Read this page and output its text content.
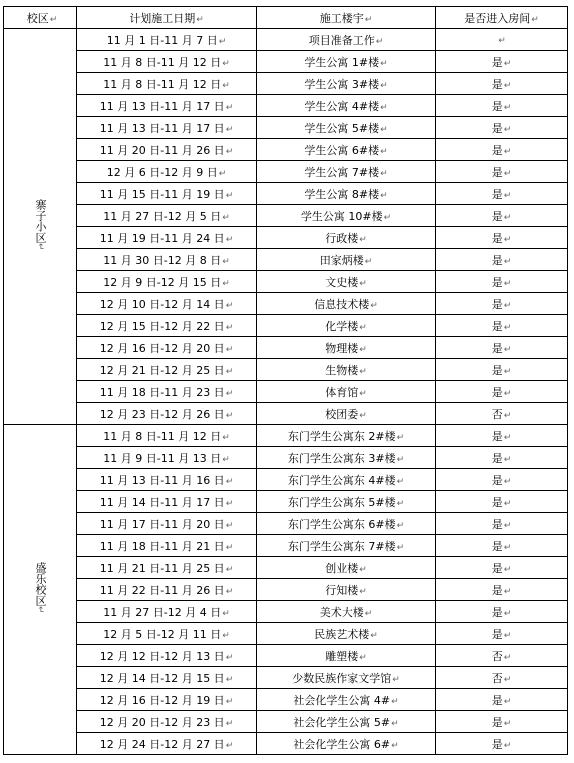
校区↵	计划施工日期↵	施工楼宇↵	是否进入房间↵
寨子小区↵	11 月 1 日-11 月 7 日↵	项目准备工作↵	↵
	11 月 8 日-11 月 12 日↵	学生公寓 1#楼↵	是↵
	11 月 8 日-11 月 12 日↵	学生公寓 3#楼↵	是↵
	11 月 13 日-11 月 17 日↵	学生公寓 4#楼↵	是↵
	11 月 13 日-11 月 17 日↵	学生公寓 5#楼↵	是↵
	11 月 20 日-11 月 26 日↵	学生公寓 6#楼↵	是↵
	12 月 6 日-12 月 9 日↵	学生公寓 7#楼↵	是↵
	11 月 15 日-11 月 19 日↵	学生公寓 8#楼↵	是↵
	11 月 27 日-12 月 5 日↵	学生公寓 10#楼↵	是↵
	11 月 19 日-11 月 24 日↵	行政楼↵	是↵
	11 月 30 日-12 月 8 日↵	田家炳楼↵	是↵
	12 月 9 日-12 月 15 日↵	文史楼↵	是↵
	12 月 10 日-12 月 14 日↵	信息技术楼↵	是↵
	12 月 15 日-12 月 22 日↵	化学楼↵	是↵
	12 月 16 日-12 月 20 日↵	物理楼↵	是↵
	12 月 21 日-12 月 25 日↵	生物楼↵	是↵
	11 月 18 日-11 月 23 日↵	体育馆↵	是↵
	12 月 23 日-12 月 26 日↵	校团委↵	否↵
盛乐校区↵	11 月 8 日-11 月 12 日↵	东门学生公寓东 2#楼↵	是↵
	11 月 9 日-11 月 13 日↵	东门学生公寓东 3#楼↵	是↵
	11 月 13 日-11 月 16 日↵	东门学生公寓东 4#楼↵	是↵
	11 月 14 日-11 月 17 日↵	东门学生公寓东 5#楼↵	是↵
	11 月 17 日-11 月 20 日↵	东门学生公寓东 6#楼↵	是↵
	11 月 18 日-11 月 21 日↵	东门学生公寓东 7#楼↵	是↵
	11 月 21 日-11 月 25 日↵	创业楼↵	是↵
	11 月 22 日-11 月 26 日↵	行知楼↵	是↵
	11 月 27 日-12 月 4 日↵	美术大楼↵	是↵
	12 月 5 日-12 月 11 日↵	民族艺术楼↵	是↵
	12 月 12 日-12 月 13 日↵	雕塑楼↵	否↵
	12 月 14 日-12 月 15 日↵	少数民族作家文学馆↵	否↵
	12 月 16 日-12 月 19 日↵	社会化学生公寓 4#↵	是↵
	12 月 20 日-12 月 23 日↵	社会化学生公寓 5#↵	是↵
	12 月 24 日-12 月 27 日↵	社会化学生公寓 6#↵	是↵
